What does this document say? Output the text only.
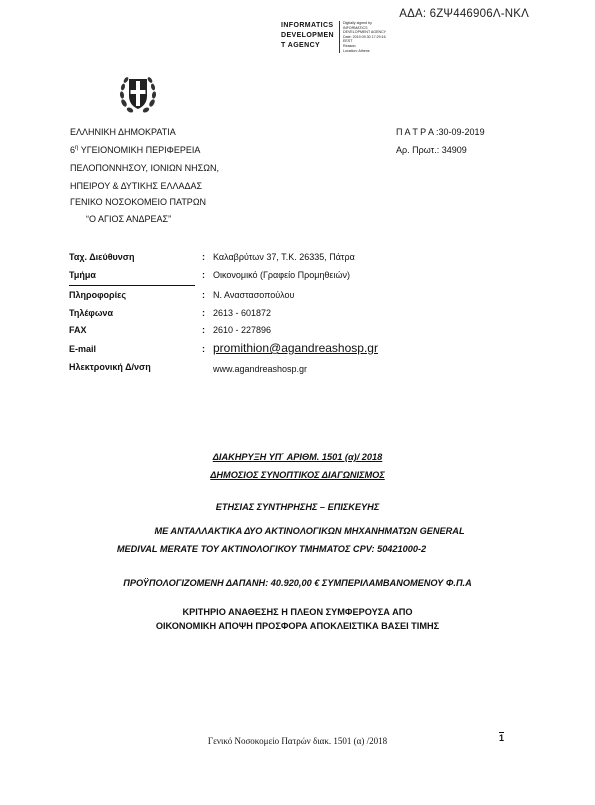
ΑΔΑ: 6ΖΨ446906Λ-ΝΚΛ
INFORMATICS
DEVELOPMEN
T AGENCY
Digitally signed by
INFORMATICS
DEVELOPMENT AGENCY
Date: 2019.09.30 17:29:16
EEST
Reason:
Location: Athens
ΕΛΛΗΝΙΚΗ ΔΗΜΟΚΡΑΤΙΑ
$6^\eta$ ΥΓΕΙΟΝΟΜΙΚΗ ΠΕΡΙΦΕΡΕΙΑ
ΠΕΛΟΠΟΝΝΗΣΟΥ, ΙΟΝΙΩΝ ΝΗΣΩΝ,
ΗΠΕΙΡΟΥ & ΔΥΤΙΚΗΣ ΕΛΛΑΔΑΣ
ΓΕΝΙΚΟ ΝΟΣΟΚΟΜΕΙΟ ΠΑΤΡΩΝ
“Ο ΑΓΙΟΣ ΑΝΔΡΕΑΣ”
Π Α Τ Ρ Α :30-09-2019
Αρ. Πρωτ.: 34909
Ταχ. Διεύθυνση	: Καλαβρύτων 37, Τ.Κ. 26335, Πάτρα
Τμήμα	: Οικονομικό (Γραφείο Προμηθειών)
Πληροφορίες	: Ν. Αναστασοπούλου
Τηλέφωνα	: 2613 - 601872
FAX	: 2610 - 227896
E-mail	: promithion@agandreashosp.gr
Ηλεκτρονική Δ/νση	www.agandreashosp.gr
ΔΙΑΚΗΡΥΞΗ ΥΠ΄ ΑΡΙΘΜ. 1501 (α)/ 2018
ΔΗΜΟΣΙΟΣ ΣΥΝΟΠΤΙΚΟΣ ΔΙΑΓΩΝΙΣΜΟΣ
ΕΤΗΣΙΑΣ ΣΥΝΤΗΡΗΣΗΣ – ΕΠΙΣΚΕΥΗΣ
ΜΕ ΑΝΤΑΛΛΑΚΤΙΚΑ ΔΥΟ ΑΚΤΙΝΟΛΟΓΙΚΩΝ ΜΗΧΑΝΗΜΑΤΩΝ GENERAL
MEDIVAL MERATE ΤΟΥ ΑΚΤΙΝΟΛΟΓΙΚΟΥ ΤΜΗΜΑΤΟΣ CPV: 50421000-2
ΠΡΟΫΠΟΛΟΓΙΖΟΜΕΝΗ ΔΑΠΑΝΗ: 40.920,00 € ΣΥΜΠΕΡΙΛΑΜΒΑΝΟΜΕΝΟΥ Φ.Π.Α
ΚΡΙΤΗΡΙΟ ΑΝΑΘΕΣΗΣ Η ΠΛΕΟΝ ΣΥΜΦΕΡΟΥΣΑ ΑΠΟ
ΟΙΚΟΝΟΜΙΚΗ ΑΠΟΨΗ ΠΡΟΣΦΟΡΑ ΑΠΟΚΛΕΙΣΤΙΚΑ ΒΑΣΕΙ ΤΙΜΗΣ
Γενικό Νοσοκομείο Πατρών διακ. 1501 (α) /2018	1
